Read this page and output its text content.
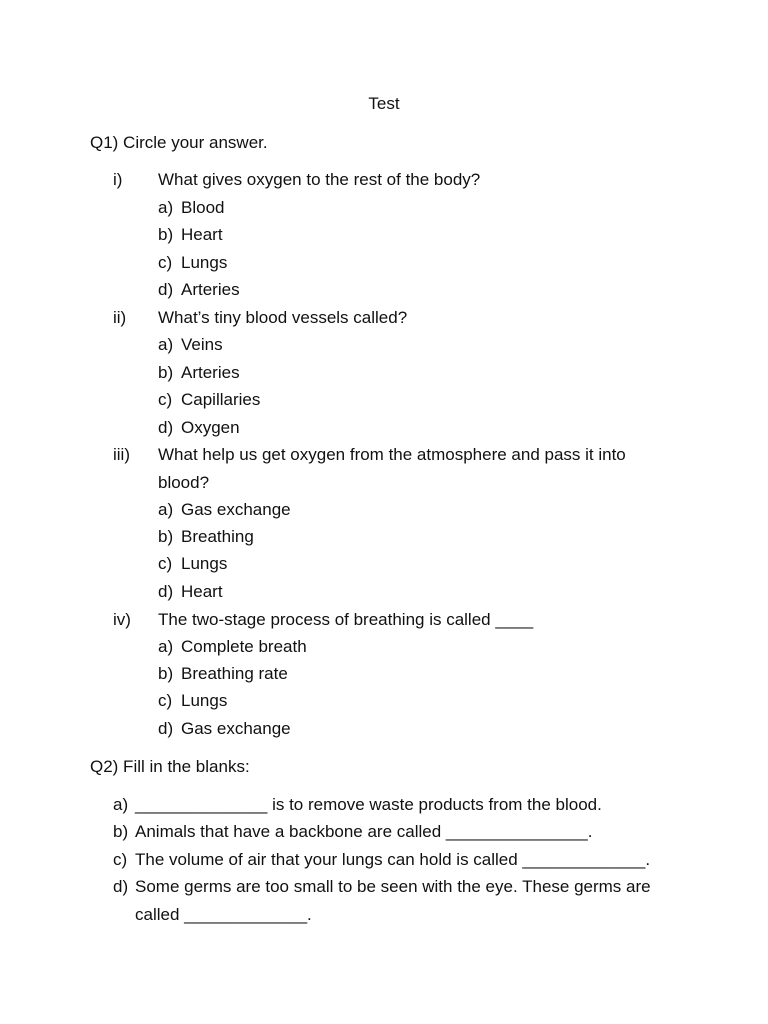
Test
Q1) Circle your answer.
i) What gives oxygen to the rest of the body?
a) Blood
b) Heart
c) Lungs
d) Arteries
ii) What’s tiny blood vessels called?
a) Veins
b) Arteries
c) Capillaries
d) Oxygen
iii) What help us get oxygen from the atmosphere and pass it into blood?
a) Gas exchange
b) Breathing
c) Lungs
d) Heart
iv) The two-stage process of breathing is called ____
a) Complete breath
b) Breathing rate
c) Lungs
d) Gas exchange
Q2) Fill in the blanks:
a) ______________ is to remove waste products from the blood.
b) Animals that have a backbone are called _______________.
c) The volume of air that your lungs can hold is called _____________.
d) Some germs are too small to be seen with the eye. These germs are called _____________.
